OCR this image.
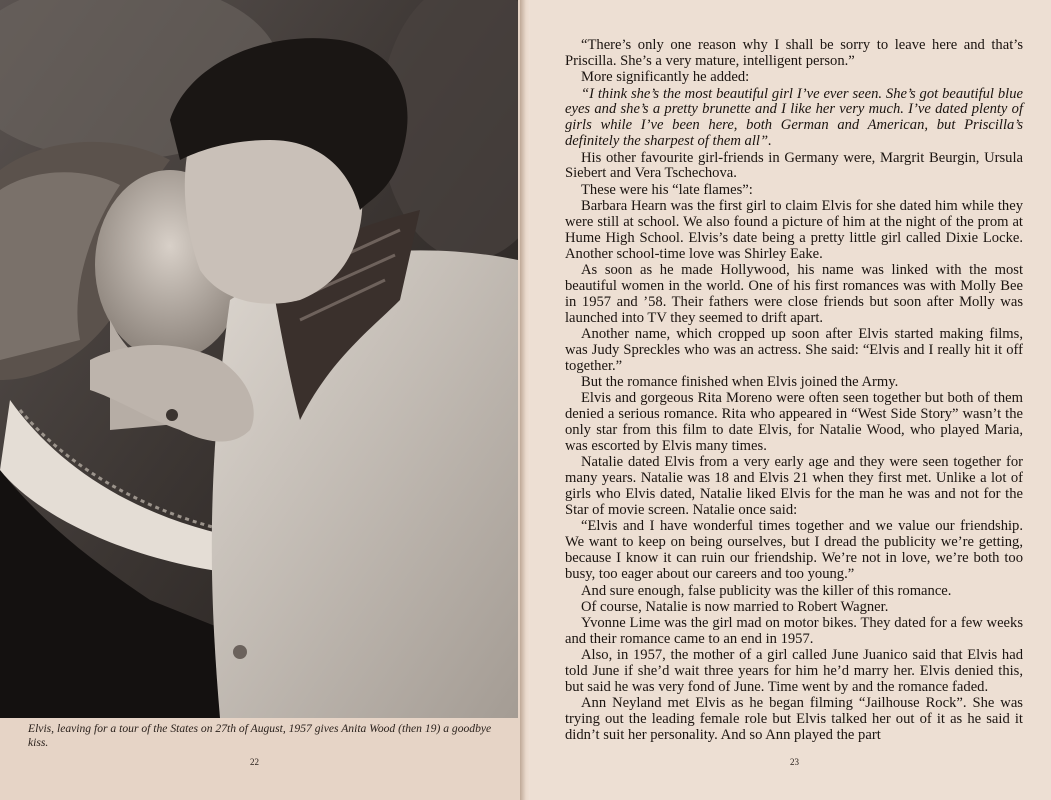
Elvis, leaving for a tour of the States on 27th of August, 1957 gives Anita Wood (then 19) a goodbye kiss.

22

“There’s only one reason why I shall be sorry to leave here and that’s Priscilla. She’s a very mature, intelligent person.”

More significantly he added:

“I think she’s the most beautiful girl I’ve ever seen. She’s got beautiful blue eyes and she’s a pretty brunette and I like her very much. I’ve dated plenty of girls while I’ve been here, both German and American, but Priscilla’s definitely the sharpest of them all”.

His other favourite girl-friends in Germany were, Margrit Beurgin, Ursula Siebert and Vera Tschechova.

These were his “late flames”:

Barbara Hearn was the first girl to claim Elvis for she dated him while they were still at school. We also found a picture of him at the night of the prom at Hume High School. Elvis’s date being a pretty little girl called Dixie Locke. Another school-time love was Shirley Eake.

As soon as he made Hollywood, his name was linked with the most beautiful women in the world. One of his first romances was with Molly Bee in 1957 and ’58. Their fathers were close friends but soon after Molly was launched into TV they seemed to drift apart.

Another name, which cropped up soon after Elvis started making films, was Judy Spreckles who was an actress. She said: “Elvis and I really hit it off together.”

But the romance finished when Elvis joined the Army.

Elvis and gorgeous Rita Moreno were often seen together but both of them denied a serious romance. Rita who appeared in “West Side Story” wasn’t the only star from this film to date Elvis, for Natalie Wood, who played Maria, was escorted by Elvis many times.

Natalie dated Elvis from a very early age and they were seen together for many years. Natalie was 18 and Elvis 21 when they first met. Unlike a lot of girls who Elvis dated, Natalie liked Elvis for the man he was and not for the Star of movie screen. Natalie once said:

“Elvis and I have wonderful times together and we value our friendship. We want to keep on being ourselves, but I dread the publicity we’re getting, because I know it can ruin our friendship. We’re not in love, we’re both too busy, too eager about our careers and too young.”

And sure enough, false publicity was the killer of this romance.

Of course, Natalie is now married to Robert Wagner.

Yvonne Lime was the girl mad on motor bikes. They dated for a few weeks and their romance came to an end in 1957.

Also, in 1957, the mother of a girl called June Juanico said that Elvis had told June if she’d wait three years for him he’d marry her. Elvis denied this, but said he was very fond of June. Time went by and the romance faded.

Ann Neyland met Elvis as he began filming “Jailhouse Rock”. She was trying out the leading female role but Elvis talked her out of it as he said it didn’t suit her personality. And so Ann played the part

23
